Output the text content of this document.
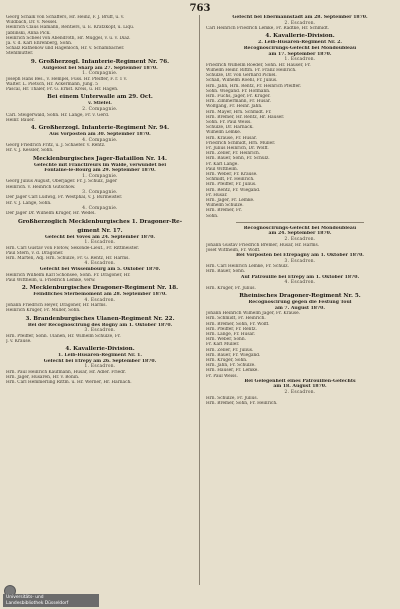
763
Georg Schalk von Schaffers, Hr. Heinz, F. J. Bruff, u. v.
Wildbach, Dr. v. Nessel.
Heinrich Claus Hamann, Rentiers, u. E. Kratzkopf, u. Liqu.
Jablinski, Anna Pick.
Heinrich Scheel von Abendroth, Hr. Müggel, v. u. v. Diaz.
Ja. v. d. Karl Ehrenberg, Sohn.
Schalz Rathenow und Hagenloch, Hr. v. Schambacher.
Stehlmutter.
9. Großherzogl. Infanterie-Regiment Nr. 76.
Aufgelöst bei Sharp am 27. September 1870.
1. Compagnie.
Joseph Hans Bes., v. Hempel, Fuss. Hr. Pfeiffer, F. r. 1 v.
Walter. L. Pietsch, Hr. Ackermann, Jung. 5
Pascal, Hr. Thaler, Fr. G. Ernst. Kreis, u. Hr. Hagen.
Bei einem Unterwalle am 29. Oct.
v. Stiefel.
2. Compagnie.
Carl. Steigerwald, Sohn. Hr. Lange, Fr. v. Gerd.
Heinr. Bauer.
4. Großherzogl. Infanterie-Regiment Nr. 94.
Aus Vorposten am 30. September 1870.
4. Compagnie.
Georg Friedrich Fritz, u. J. Schaefer. v. Rentz.
Hr. v. J. Kessler, Sohn.
Mecklenburgisches Jäger-Bataillon Nr. 14.
Gefechte mit Franctireurs im Walde, verwundet bei
Fontaine-le-Bourg am 29. September 1870.
1. Compagnie.
Georg Julius August, Oberjäger. Fr. J. Schulz, Jäger
Heinrich. v. Heinrich Gütschow.
3. Compagnie.
Der Jäger Carl Ludwig, Fr. Westphal, v. J. Burmeister.
Hr. v. J. Lange, Sohn.
4. Compagnie.
Der Jäger Dr. Wilhelm Krüger, Hr. Wedel.
Großherzoglich Mecklenburgisches 1. Dragoner-Re-
giment Nr. 17.
Gefecht bei Voves am 24. September 1870.
1. Escadron.
Hrn. Carl Gustav von Flotow, Sekonde-Lieut., Fr. Rittmeister.
Paul Stern, v. d. Dragoner.
Hrn. Marten, Adj. Hrn. Schulze, Fr. G. Rentz, Hr. Harms.
4. Escadron.
Gefecht bei Wissembourg am 5. Oktober 1870.
Heinrich Wilhelm Karl Schönsee, Sohn. Fr. Dragoner, Hr.
Paul Wittheim, u. Friedrich Lemke, verw.
2. Mecklenburgisches Dragoner-Regiment Nr. 18.
Feindliches Sterbemoment am 28. September 1870.
4. Escadron.
Johann Friedrich Heyer, Dragoner, Hr. Harms.
Heinrich Krüger, Fr. Müller, Sohn.
3. Brandenburgisches Ulanen-Regiment Nr. 22.
Bei der Recognoscirung des Rogny am 1. Oktober 1870.
3. Escadron.
Hrn. Pfeiffer, Sohn. Ulanen, Hr. Wilhelm Schulze, Fr.
J. v. Krause.
4. Kavallerie-Division.
1. Leib-Husaren-Regiment Nr. 1.
Gefecht bei Étrépy am 26. September 1870.
1. Escadron.
Hrn. Paul Heinrich Kaufmann, Husar, Hr. Adler. Friedr.
Hrn. Jäger, Husaren, Hr. v. Bonin.
Hrn. Carl Hemmerling Rittm. u. Hr. Werner, Hr. Harnach.
Gefecht bei Ebermannstadt am 28. September 1870.
2. Escadron.
Carl Heinrich Friedrich Lemke, Fr. Radtke, Hr. Schmidt.
4. Kavallerie-Division.
2. Leib-Husaren-Regiment Nr. 2.
Recognoscirungs-Gefecht bei Mondoubleau
am 17. September 1870.
1. Escadron.
Friedrich Wilhelm Roeder, Sohn. Hr. Hauser, Fr.
Wilhelm Heinr. Rittm. Fr. Franz Heinrich.
Schulze, Dr. von Gerhard Pickel.
Schall, Wilhelm Roehl, Fr. Julius.
Hrn. Jahn, Hrn. Rentz, Fr. Heinrich Pfeiffer.
Sohn. Wiegand. Fr. Hofmann.
Hrn. Fuchs, Jäger, Fr. Krüger.
Hrn. Zimmermann, Fr. Husar.
Wolfgang, Fr. Heinr. Jahn.
Hrn. Mayer, Hrn. Schmidt. Fr.
Hrn. Bremer, Hr. Rentz, Hr. Hauser.
Sohn. Fr. Paul Weiss.
Schulze, Dr. Harnack.
Wilhelm Lemke.
Hrn. Krause, Fr. Husar.
Friedrich Schmidt, Hrn. Müller.
Fr. Julius Heinrich, Dr. Wolff.
Hrn. Zeller, Fr. Heinrich.
Hrn. Bauer, Sohn, Fr. Schulz.
Fr. Karl Lange.
Paul Wittheim.
Hrn. Weber, Fr. Krause.
Schmidt, Fr. Heinrich.
Hrn. Pfeiffer, Fr. Julius.
Hrn. Rentz, Fr. Wiegand.
Fr. Husar.
Hrn. Jäger, Fr. Lemke.
Wilhelm Schulze.
Hrn. Bremer, Fr.
Sohn.
Recognoscirungs-Gefecht bei Mondoubleau
am 24. September 1870.
2. Escadron.
Johann Gustav Friedrich Bremer, Husar, Hr. Harms.
Josef Wittheim, Fr. Wolff.
Bei Vorposten bei Etrepagny am 1. Oktober 1870.
3. Escadron.
Hrn. Carl Heinrich Lemke, Fr. Schulz.
Hrn. Bauer, Sohn.
Auf Patrouille bei Étrépy am 1. Oktober 1870.
4. Escadron.
Hrn. Krüger, Fr. Julius.
Rheinisches Dragoner-Regiment Nr. 5.
Recognoscirung gegen die Festung Toul
am 7. August 1870.
Johann Heinrich Wilhelm Jäger, Fr. Krause.
Hrn. Schmidt, Fr. Heinrich.
Hrn. Bremer, Sohn, Fr. Wolff.
Hrn. Pfeiffer, Fr. Rentz.
Hrn. Lange, Fr. Husar.
Hrn. Weber, Sohn.
Fr. Karl Müller.
Hrn. Zeller, Fr. Julius.
Hrn. Bauer, Fr. Wiegand.
Hrn. Krüger, Sohn.
Hrn. Jahn, Fr. Schulze.
Hrn. Hauser, Fr. Lemke.
Fr. Paul Weiss.
Bei Gelegenheit eines Patrouillen-Gefechts
am 18. August 1870.
2. Escadron.
Hrn. Schulze, Fr. Julius.
Hrn. Bremer, Sohn, Fr. Heinrich.
Universitäts- und
Landesbibliothek Düsseldorf
